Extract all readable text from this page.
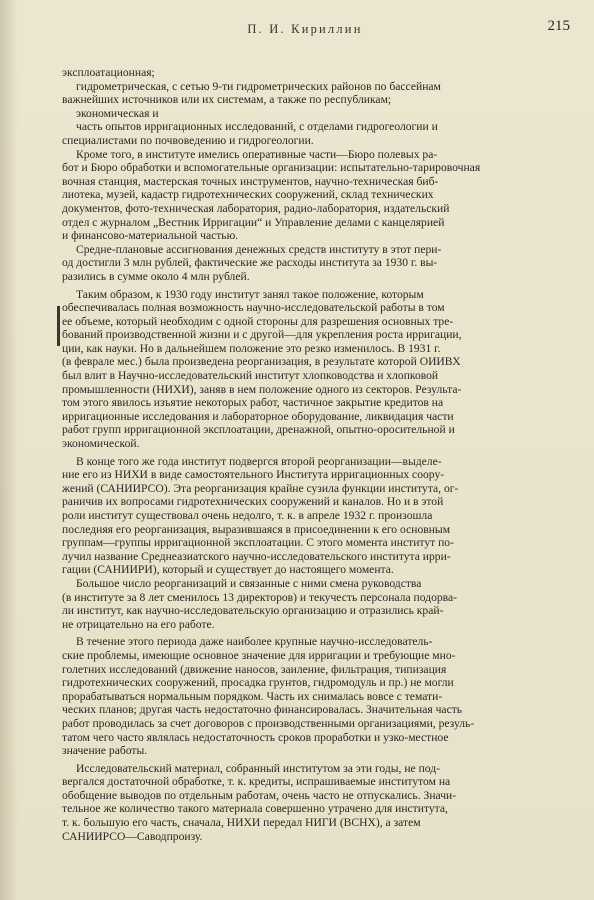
П. И. Кириллин	215
эксплоатационная;
гидрометрическая, с сетью 9-ти гидрометрических районов по бассейнам
важнейших источников или их системам, а также по республикам;
экономическая и
часть опытов ирригационных исследований, с отделами гидрогеологии и
специалистами по почвоведению и гидрогеологии.
Кроме того, в институте имелись оперативные части—Бюро полевых ра-
бот и Бюро обработки и вспомогательные организации: испытательно-тарировочная
вочная станция, мастерская точных инструментов, научно-техническая биб-
лиотека, музей, кадастр гидротехнических сооружений, склад технических
документов, фото-техническая лаборатория, радио-лаборатория, издательский
отдел с журналом „Вестник Ирригации“ и Управление делами с канцелярией
и финансово-материальной частью.
Средне-плановые ассигнования денежных средств институту в этот пери-
од достигли 3 млн рублей, фактические же расходы института за 1930 г. вы-
разились в сумме около 4 млн рублей.
Таким образом, к 1930 году институт занял такое положение, которым
обеспечивалась полная возможность научно-исследовательской работы в том
ее объеме, который необходим с одной стороны для разрешения основных тре-
бований производственной жизни и с другой—для укрепления роста ирригации,
ции, как науки. Но в дальнейшем положение это резко изменилось. В 1931 г.
(в феврале мес.) была произведена реорганизация, в результате которой ОИИВХ
был влит в Научно-исследовательский институт хлопководства и хлопковой
промышленности (НИХИ), заняв в нем положение одного из секторов. Результа-
том этого явилось изъятие некоторых работ, частичное закрытие кредитов на
ирригационные исследования и лабораторное оборудование, ликвидация части
работ групп ирригационной эксплоатации, дренажной, опытно-оросительной и
экономической.
В конце того же года институт подвергся второй реорганизации—выделе-
ние его из НИХИ в виде самостоятельного Института ирригационных соору-
жений (САНИИРСО). Эта реорганизация крайне сузила функции института, ог-
раничив их вопросами гидротехнических сооружений и каналов. Но и в этой
роли институт существовал очень недолго, т. к. в апреле 1932 г. произошла
последняя его реорганизация, выразившаяся в присоединении к его основным
группам—группы ирригационной эксплоатации. С этого момента институт по-
лучил название Среднеазиатского научно-исследовательского института ирри-
гации (САНИИРИ), который и существует до настоящего момента.
Большое число реорганизаций и связанные с ними смена руководства
(в институте за 8 лет сменилось 13 директоров) и текучесть персонала подорва-
ли институт, как научно-исследовательскую организацию и отразились край-
не отрицательно на его работе.
В течение этого периода даже наиболее крупные научно-исследователь-
ские проблемы, имеющие основное значение для ирригации и требующие мно-
голетних исследований (движение наносов, заиление, фильтрация, типизация
гидротехнических сооружений, просадка грунтов, гидромодуль и пр.) не могли
прорабатываться нормальным порядком. Часть их снималась вовсе с темати-
ческих планов; другая часть недостаточно финансировалась. Значительная часть
работ проводилась за счет договоров с производственными организациями, резуль-
татом чего часто являлась недостаточность сроков проработки и узко-местное
значение работы.
Исследовательский материал, собранный институтом за эти годы, не под-
вергался достаточной обработке, т. к. кредиты, испрашиваемые институтом на
обобщение выводов по отдельным работам, очень часто не отпускались. Значи-
тельное же количество такого материала совершенно утрачено для института,
т. к. большую его часть, сначала, НИХИ передал НИГИ (ВСНХ), а затем
САНИИРСО—Саводпроизу.
